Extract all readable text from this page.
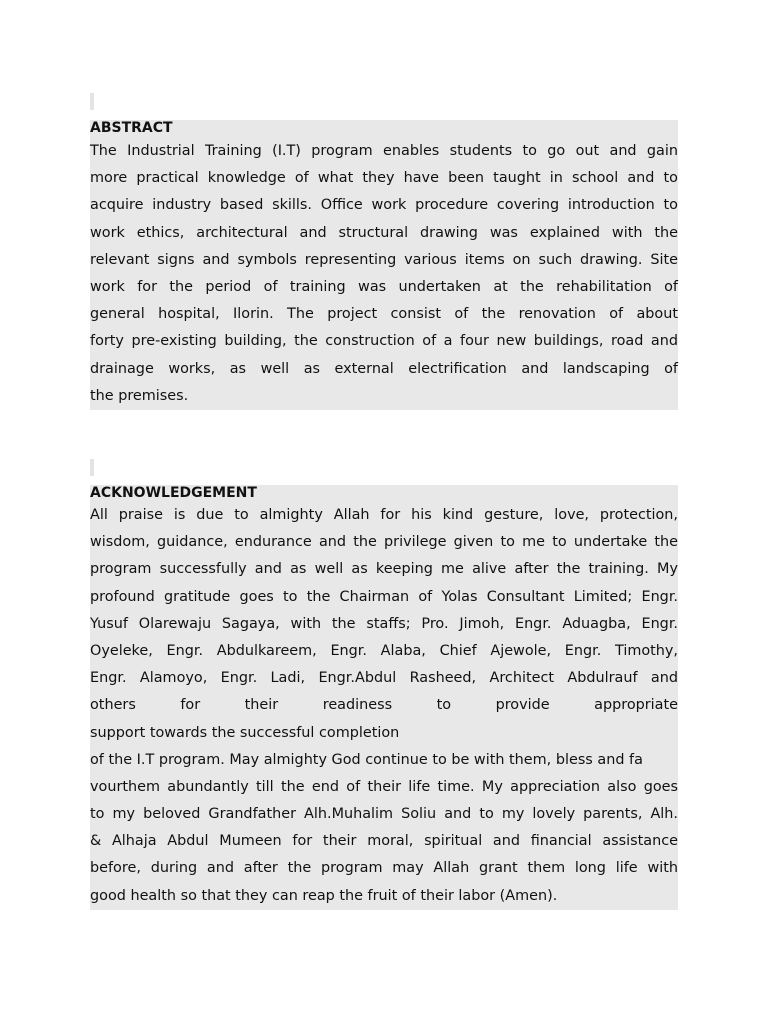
ABSTRACT
The Industrial Training (I.T) program enables students to go out and gain
more practical knowledge of what they have been taught in school and to
acquire industry based skills. Office work procedure covering introduction to
work ethics, architectural and structural drawing was explained with the
relevant signs and symbols representing various items on such drawing. Site
work for the period of training was undertaken at the rehabilitation of
general hospital, Ilorin. The project consist of the renovation of about
forty pre-existing building, the construction of a four new buildings, road and
drainage works, as well as external electrification and landscaping of
the premises.
ACKNOWLEDGEMENT
All praise is due to almighty Allah for his kind gesture, love, protection,
wisdom, guidance, endurance and the privilege given to me to undertake the
program successfully and as well as keeping me alive after the training. My
profound gratitude goes to the Chairman of Yolas Consultant Limited; Engr.
Yusuf Olarewaju Sagaya, with the staffs; Pro. Jimoh, Engr. Aduagba, Engr.
Oyeleke, Engr. Abdulkareem, Engr. Alaba, Chief Ajewole, Engr. Timothy,
Engr. Alamoyo, Engr. Ladi, Engr.Abdul Rasheed, Architect Abdulrauf and
others for their readiness to provide appropriate
support towards the successful completion
of the I.T program. May almighty God continue to be with them, bless and fa
vourthem abundantly till the end of their life time. My appreciation also goes
to my beloved Grandfather Alh.Muhalim Soliu and to my lovely parents, Alh.
& Alhaja Abdul Mumeen for their moral, spiritual and financial assistance
before, during and after the program may Allah grant them long life with
good health so that they can reap the fruit of their labor (Amen).
